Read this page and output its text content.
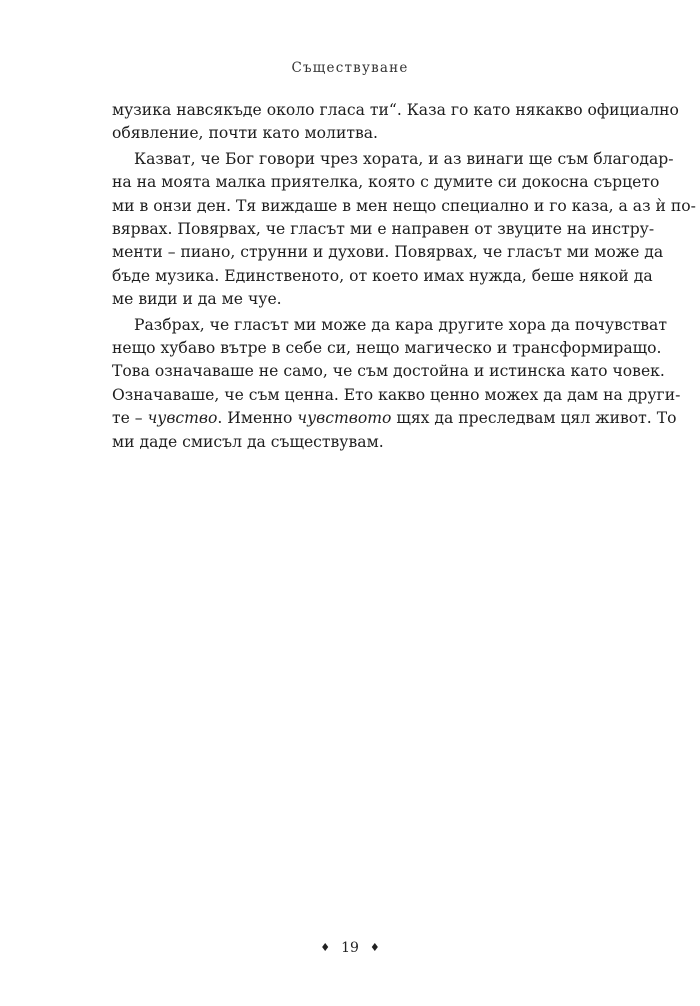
Съществуване
музика навсякъде около гласа ти“. Каза го като някакво официално
обявление, почти като молитва.
Казват, че Бог говори чрез хората, и аз винаги ще съм благодар-
на на моята малка приятелка, която с думите си докосна сърцето
ми в онзи ден. Тя виждаше в мен нещо специално и го каза, а аз ѝ по-
вярвах. Повярвах, че гласът ми е направен от звуците на инстру-
менти – пиано, струнни и духови. Повярвах, че гласът ми може да
бъде музика. Единственото, от което имах нужда, беше някой да
ме види и да ме чуе.
Разбрах, че гласът ми може да кара другите хора да почувстват
нещо хубаво вътре в себе си, нещо магическо и трансформиращо.
Това означаваше не само, че съм достойна и истинска като човек.
Означаваше, че съм ценна. Ето какво ценно можех да дам на други-
те – чувство. Именно чувството щях да преследвам цял живот. То
ми даде смисъл да съществувам.
♦ 19 ♦
